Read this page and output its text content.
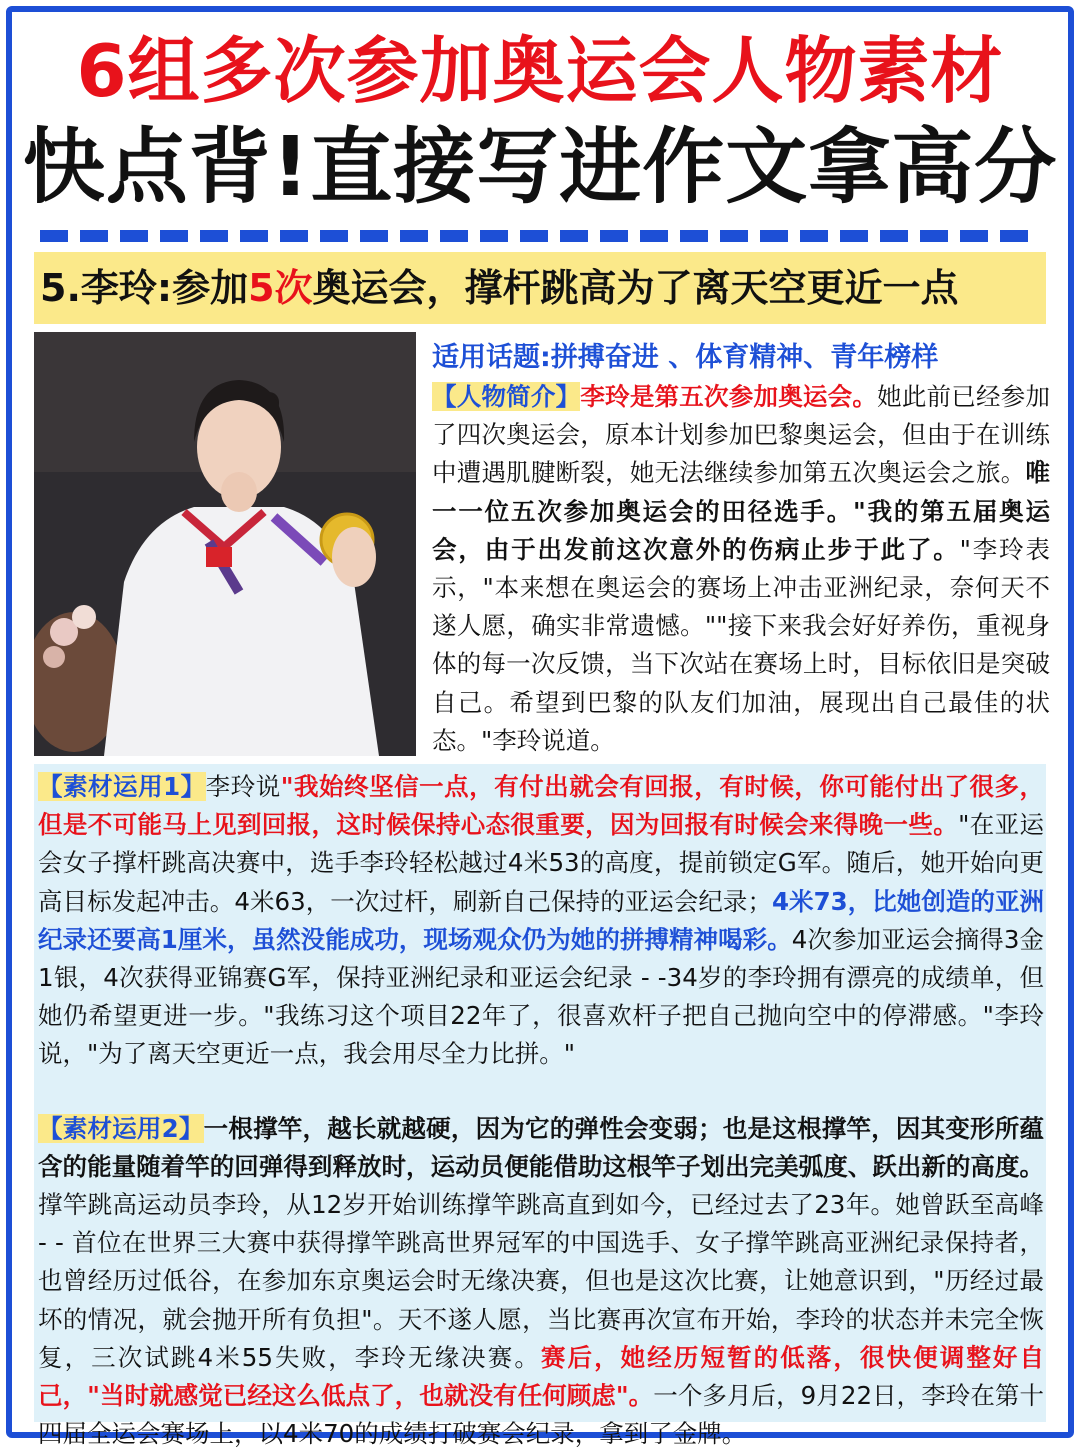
6组多次参加奥运会人物素材
快点背!直接写进作文拿高分
5.李玲:参加5次奥运会，撑杆跳高为了离天空更近一点
适用话题:拼搏奋进 、体育精神、青年榜样
【人物简介】李玲是第五次参加奥运会。她此前已经参加了四次奥运会，原本计划参加巴黎奥运会，但由于在训练中遭遇肌腱断裂，她无法继续参加第五次奥运会之旅。唯一一位五次参加奥运会的田径选手。"我的第五届奥运会，由于出发前这次意外的伤病止步于此了。"李玲表示，"本来想在奥运会的赛场上冲击亚洲纪录，奈何天不遂人愿，确实非常遗憾。""接下来我会好好养伤，重视身体的每一次反馈，当下次站在赛场上时，目标依旧是突破自己。希望到巴黎的队友们加油，展现出自己最佳的状态。"李玲说道。
【素材运用1】李玲说"我始终坚信一点，有付出就会有回报，有时候，你可能付出了很多，但是不可能马上见到回报，这时候保持心态很重要，因为回报有时候会来得晚一些。"在亚运会女子撑杆跳高决赛中，选手李玲轻松越过4米53的高度，提前锁定G军。随后，她开始向更高目标发起冲击。4米63，一次过杆，刷新自己保持的亚运会纪录；4米73，比她创造的亚洲纪录还要高1厘米，虽然没能成功，现场观众仍为她的拼搏精神喝彩。4次参加亚运会摘得3金1银，4次获得亚锦赛G军，保持亚洲纪录和亚运会纪录 - -34岁的李玲拥有漂亮的成绩单，但她仍希望更进一步。"我练习这个项目22年了，很喜欢杆子把自己抛向空中的停滞感。"李玲说，"为了离天空更近一点，我会用尽全力比拼。"
【素材运用2】一根撑竿，越长就越硬，因为它的弹性会变弱；也是这根撑竿，因其变形所蕴含的能量随着竿的回弹得到释放时，运动员便能借助这根竿子划出完美弧度、跃出新的高度。撑竿跳高运动员李玲，从12岁开始训练撑竿跳高直到如今，已经过去了23年。她曾跃至高峰 - - 首位在世界三大赛中获得撑竿跳高世界冠军的中国选手、女子撑竿跳高亚洲纪录保持者，也曾经历过低谷，在参加东京奥运会时无缘决赛，但也是这次比赛，让她意识到，"历经过最坏的情况，就会抛开所有负担"。天不遂人愿，当比赛再次宣布开始，李玲的状态并未完全恢复，三次试跳4米55失败，李玲无缘决赛。赛后，她经历短暂的低落，很快便调整好自己，"当时就感觉已经这么低点了，也就没有任何顾虑"。一个多月后，9月22日，李玲在第十四届全运会赛场上，以4米70的成绩打破赛会纪录，拿到了金牌。
